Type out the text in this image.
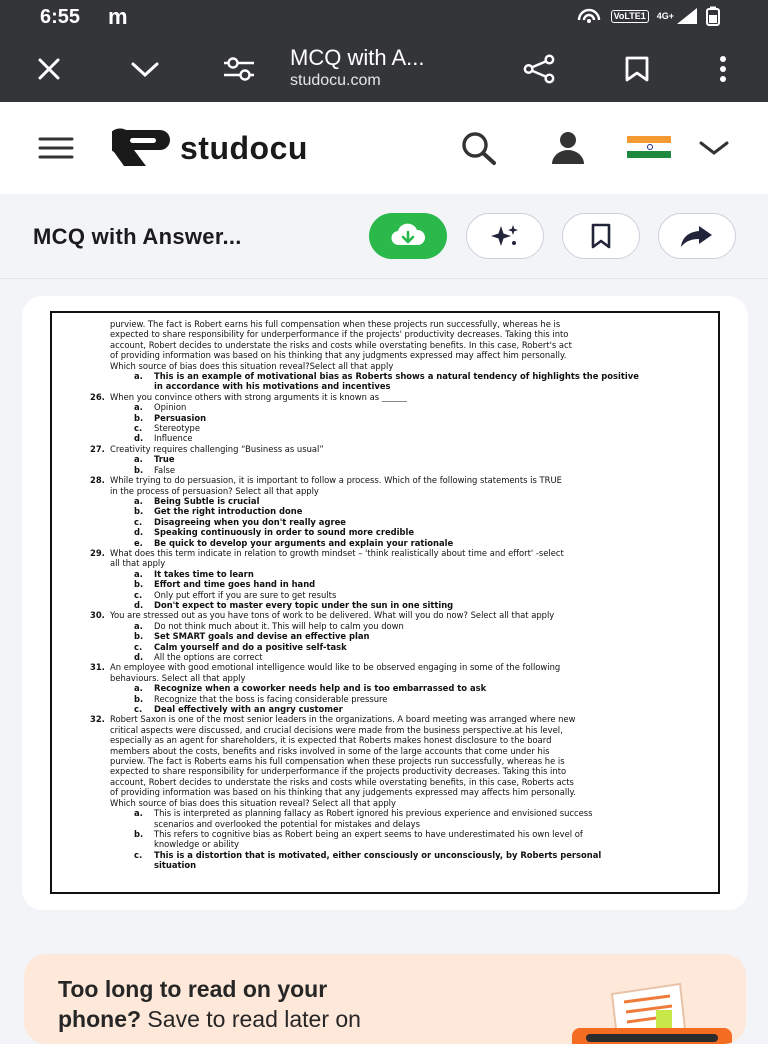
6:55 m	VoLTE1	4G+
MCQ with A...
studocu.com
studocu
MCQ with Answer...
purview. The fact is Robert earns his full compensation when these projects run successfully, whereas he is
expected to share responsibility for underperformance if the projects' productivity decreases. Taking this into
account, Robert decides to understate the risks and costs while overstating benefits. In this case, Robert's act
of providing information was based on his thinking that any judgments expressed may affect him personally.
Which source of bias does this situation reveal?Select all that apply
a. This is an example of motivational bias as Roberts shows a natural tendency of highlights the positive
in accordance with his motivations and incentives
26. When you convince others with strong arguments it is known as ______
a. Opinion
b. Persuasion
c. Stereotype
d. Influence
27. Creativity requires challenging “Business as usual”
a. True
b. False
28. While trying to do persuasion, it is important to follow a process. Which of the following statements is TRUE
in the process of persuasion? Select all that apply
a. Being Subtle is crucial
b. Get the right introduction done
c. Disagreeing when you don't really agree
d. Speaking continuously in order to sound more credible
e. Be quick to develop your arguments and explain your rationale
29. What does this term indicate in relation to growth mindset – 'think realistically about time and effort' -select
all that apply
a. It takes time to learn
b. Effort and time goes hand in hand
c. Only put effort if you are sure to get results
d. Don't expect to master every topic under the sun in one sitting
30. You are stressed out as you have tons of work to be delivered. What will you do now? Select all that apply
a. Do not think much about it. This will help to calm you down
b. Set SMART goals and devise an effective plan
c. Calm yourself and do a positive self-task
d. All the options are correct
31. An employee with good emotional intelligence would like to be observed engaging in some of the following
behaviours. Select all that apply
a. Recognize when a coworker needs help and is too embarrassed to ask
b. Recognize that the boss is facing considerable pressure
c. Deal effectively with an angry customer
32. Robert Saxon is one of the most senior leaders in the organizations. A board meeting was arranged where new
critical aspects were discussed, and crucial decisions were made from the business perspective.at his level,
especially as an agent for shareholders, it is expected that Roberts makes honest disclosure to the board
members about the costs, benefits and risks involved in some of the large accounts that come under his
purview. The fact is Roberts earns his full compensation when these projects run successfully, whereas he is
expected to share responsibility for underperformance if the projects productivity decreases. Taking this into
account, Robert decides to understate the risks and costs while overstating benefits, in this case, Roberts acts
of providing information was based on his thinking that any judgements expressed may affects him personally.
Which source of bias does this situation reveal? Select all that apply
a. This is interpreted as planning fallacy as Robert ignored his previous experience and envisioned success
scenarios and overlooked the potential for mistakes and delays
b. This refers to cognitive bias as Robert being an expert seems to have underestimated his own level of
knowledge or ability
c. This is a distortion that is motivated, either consciously or unconsciously, by Roberts personal
situation
Too long to read on your
phone? Save to read later on
